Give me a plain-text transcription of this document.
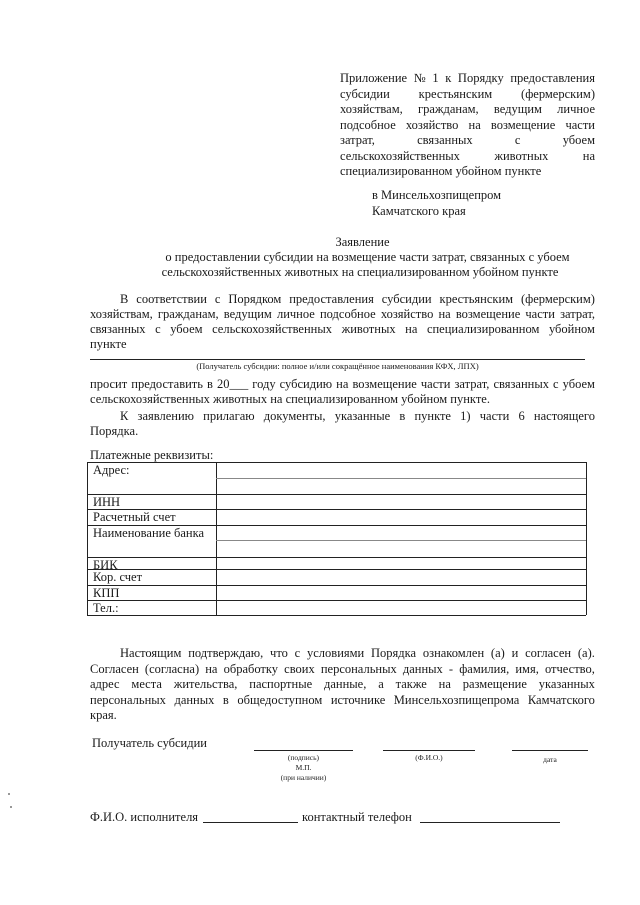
Приложение № 1 к Порядку предоставления
субсидии крестьянским (фермерским)
хозяйствам, гражданам, ведущим личное
подсобное хозяйство на возмещение части
затрат,	связанных	с	убоем
сельскохозяйственных	животных	на
специализированном убойном пункте
в Минсельхозпищепром
Камчатского края
Заявление
о предоставлении субсидии на возмещение части затрат, связанных с убоем
сельскохозяйственных животных на специализированном убойном пункте
В соответствии с Порядком предоставления субсидии крестьянским (фермерским)
хозяйствам, гражданам, ведущим личное подсобное хозяйство на возмещение части затрат,
связанных с убоем сельскохозяйственных животных на специализированном убойном
пункте
(Получатель субсидии: полное и/или сокращённое наименования КФХ, ЛПХ)
просит предоставить в 20___ году субсидию на возмещение части затрат, связанных с убоем
сельскохозяйственных животных на специализированном убойном пункте.
К заявлению прилагаю документы, указанные в пункте 1) части 6 настоящего
Порядка.
Платежные реквизиты:
Адрес:
ИНН
Расчетный счет
Наименование банка
БИК
Кор. счет
КПП
Тел.:
Настоящим подтверждаю, что с условиями Порядка ознакомлен (а) и согласен (а).
Согласен (согласна) на обработку своих персональных данных - фамилия, имя, отчество,
адрес места жительства, паспортные данные, а также на размещение указанных
персональных данных в общедоступном источнике Минсельхозпищепрома Камчатского
края.
Получатель субсидии
(подпись)
М.П.
(при наличии)
(Ф.И.О.)	дата
Ф.И.О. исполнителя	контактный телефон
